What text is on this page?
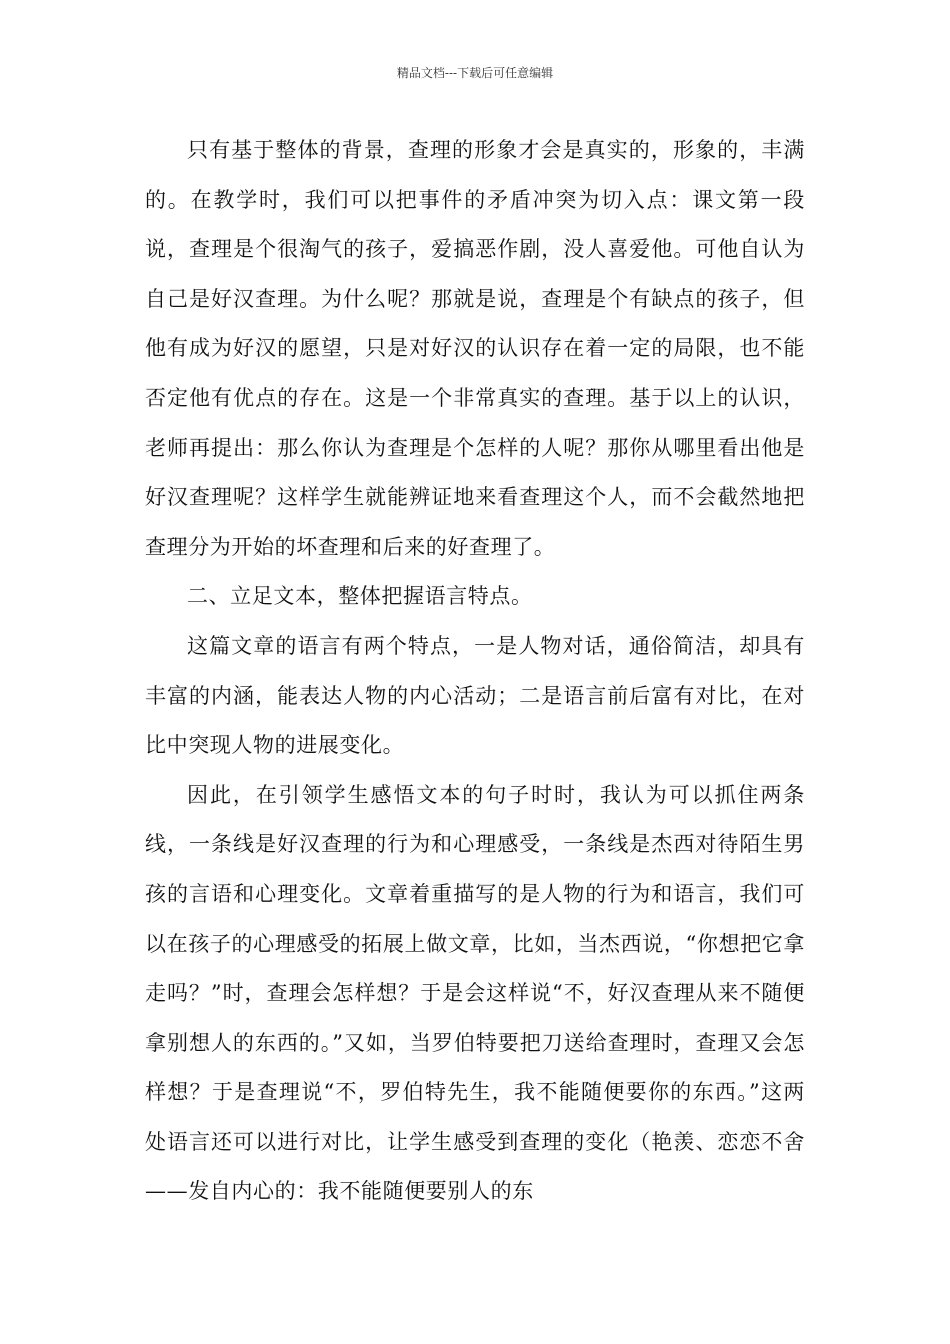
精品文档---下载后可任意编辑

只有基于整体的背景，查理的形象才会是真实的，形象的，丰满的。在教学时，我们可以把事件的矛盾冲突为切入点：课文第一段说，查理是个很淘气的孩子，爱搞恶作剧，没人喜爱他。可他自认为自己是好汉查理。为什么呢？那就是说，查理是个有缺点的孩子，但他有成为好汉的愿望，只是对好汉的认识存在着一定的局限，也不能否定他有优点的存在。这是一个非常真实的查理。基于以上的认识，老师再提出：那么你认为查理是个怎样的人呢？那你从哪里看出他是好汉查理呢？这样学生就能辨证地来看查理这个人，而不会截然地把查理分为开始的坏查理和后来的好查理了。

二、立足文本，整体把握语言特点。

这篇文章的语言有两个特点，一是人物对话，通俗简洁，却具有丰富的内涵，能表达人物的内心活动；二是语言前后富有对比，在对比中突现人物的进展变化。

因此，在引领学生感悟文本的句子时时，我认为可以抓住两条线，一条线是好汉查理的行为和心理感受，一条线是杰西对待陌生男孩的言语和心理变化。文章着重描写的是人物的行为和语言，我们可以在孩子的心理感受的拓展上做文章，比如，当杰西说，“你想把它拿走吗？”时，查理会怎样想？于是会这样说“不，好汉查理从来不随便拿别想人的东西的。”又如，当罗伯特要把刀送给查理时，查理又会怎样想？于是查理说“不，罗伯特先生，我不能随便要你的东西。”这两处语言还可以进行对比，让学生感受到查理的变化（艳羡、恋恋不舍——发自内心的：我不能随便要别人的东
